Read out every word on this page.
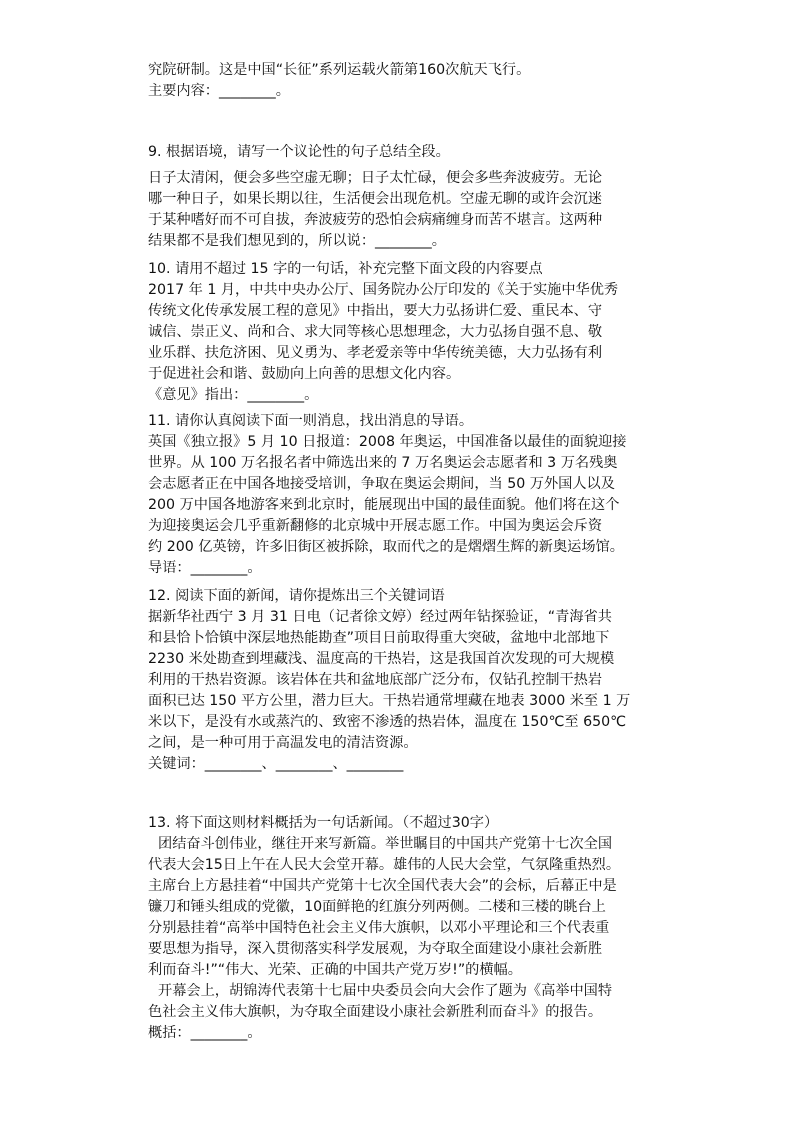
究院研制。这是中国“长征”系列运载火箭第160次航天飞行。
主要内容：________。
9. 根据语境，请写一个议论性的句子总结全段。
日子太清闲，便会多些空虚无聊；日子太忙碌，便会多些奔波疲劳。无论
哪一种日子，如果长期以往，生活便会出现危机。空虚无聊的或许会沉迷
于某种嗜好而不可自拔，奔波疲劳的恐怕会病痛缠身而苦不堪言。这两种
结果都不是我们想见到的，所以说：________。
10. 请用不超过 15 字的一句话，补充完整下面文段的内容要点
2017 年 1 月，中共中央办公厅、国务院办公厅印发的《关于实施中华优秀
传统文化传承发展工程的意见》中指出，要大力弘扬讲仁爱、重民本、守
诚信、崇正义、尚和合、求大同等核心思想理念，大力弘扬自强不息、敬
业乐群、扶危济困、见义勇为、孝老爱亲等中华传统美德，大力弘扬有利
于促进社会和谐、鼓励向上向善的思想文化内容。
《意见》指出：________。
11. 请你认真阅读下面一则消息，找出消息的导语。
英国《独立报》5 月 10 日报道：2008 年奥运，中国准备以最佳的面貌迎接
世界。从 100 万名报名者中筛选出来的 7 万名奥运会志愿者和 3 万名残奥
会志愿者正在中国各地接受培训，争取在奥运会期间，当 50 万外国人以及
200 万中国各地游客来到北京时，能展现出中国的最佳面貌。他们将在这个
为迎接奥运会几乎重新翻修的北京城中开展志愿工作。中国为奥运会斥资
约 200 亿英镑，许多旧街区被拆除，取而代之的是熠熠生辉的新奥运场馆。
导语：________。
12. 阅读下面的新闻，请你提炼出三个关键词语
据新华社西宁 3 月 31 日电（记者徐文婷）经过两年钻探验证，“青海省共
和县恰卜恰镇中深层地热能勘查”项目日前取得重大突破，盆地中北部地下
2230 米处勘查到埋藏浅、温度高的干热岩，这是我国首次发现的可大规模
利用的干热岩资源。该岩体在共和盆地底部广泛分布，仅钻孔控制干热岩
面积已达 150 平方公里，潜力巨大。干热岩通常埋藏在地表 3000 米至 1 万
米以下，是没有水或蒸汽的、致密不渗透的热岩体，温度在 150℃至 650℃
之间，是一种可用于高温发电的清洁资源。
关键词：________、________、________
13. 将下面这则材料概括为一句话新闻。（不超过30字）
团结奋斗创伟业，继往开来写新篇。举世瞩目的中国共产党第十七次全国
代表大会15日上午在人民大会堂开幕。雄伟的人民大会堂，气氛隆重热烈。
主席台上方悬挂着“中国共产党第十七次全国代表大会”的会标，后幕正中是
镰刀和锤头组成的党徽，10面鲜艳的红旗分列两侧。二楼和三楼的眺台上
分别悬挂着“高举中国特色社会主义伟大旗帜，以邓小平理论和三个代表重
要思想为指导，深入贯彻落实科学发展观，为夺取全面建设小康社会新胜
利而奋斗!”“伟大、光荣、正确的中国共产党万岁!”的横幅。
开幕会上，胡锦涛代表第十七届中央委员会向大会作了题为《高举中国特
色社会主义伟大旗帜，为夺取全面建设小康社会新胜利而奋斗》的报告。
概括：________。
